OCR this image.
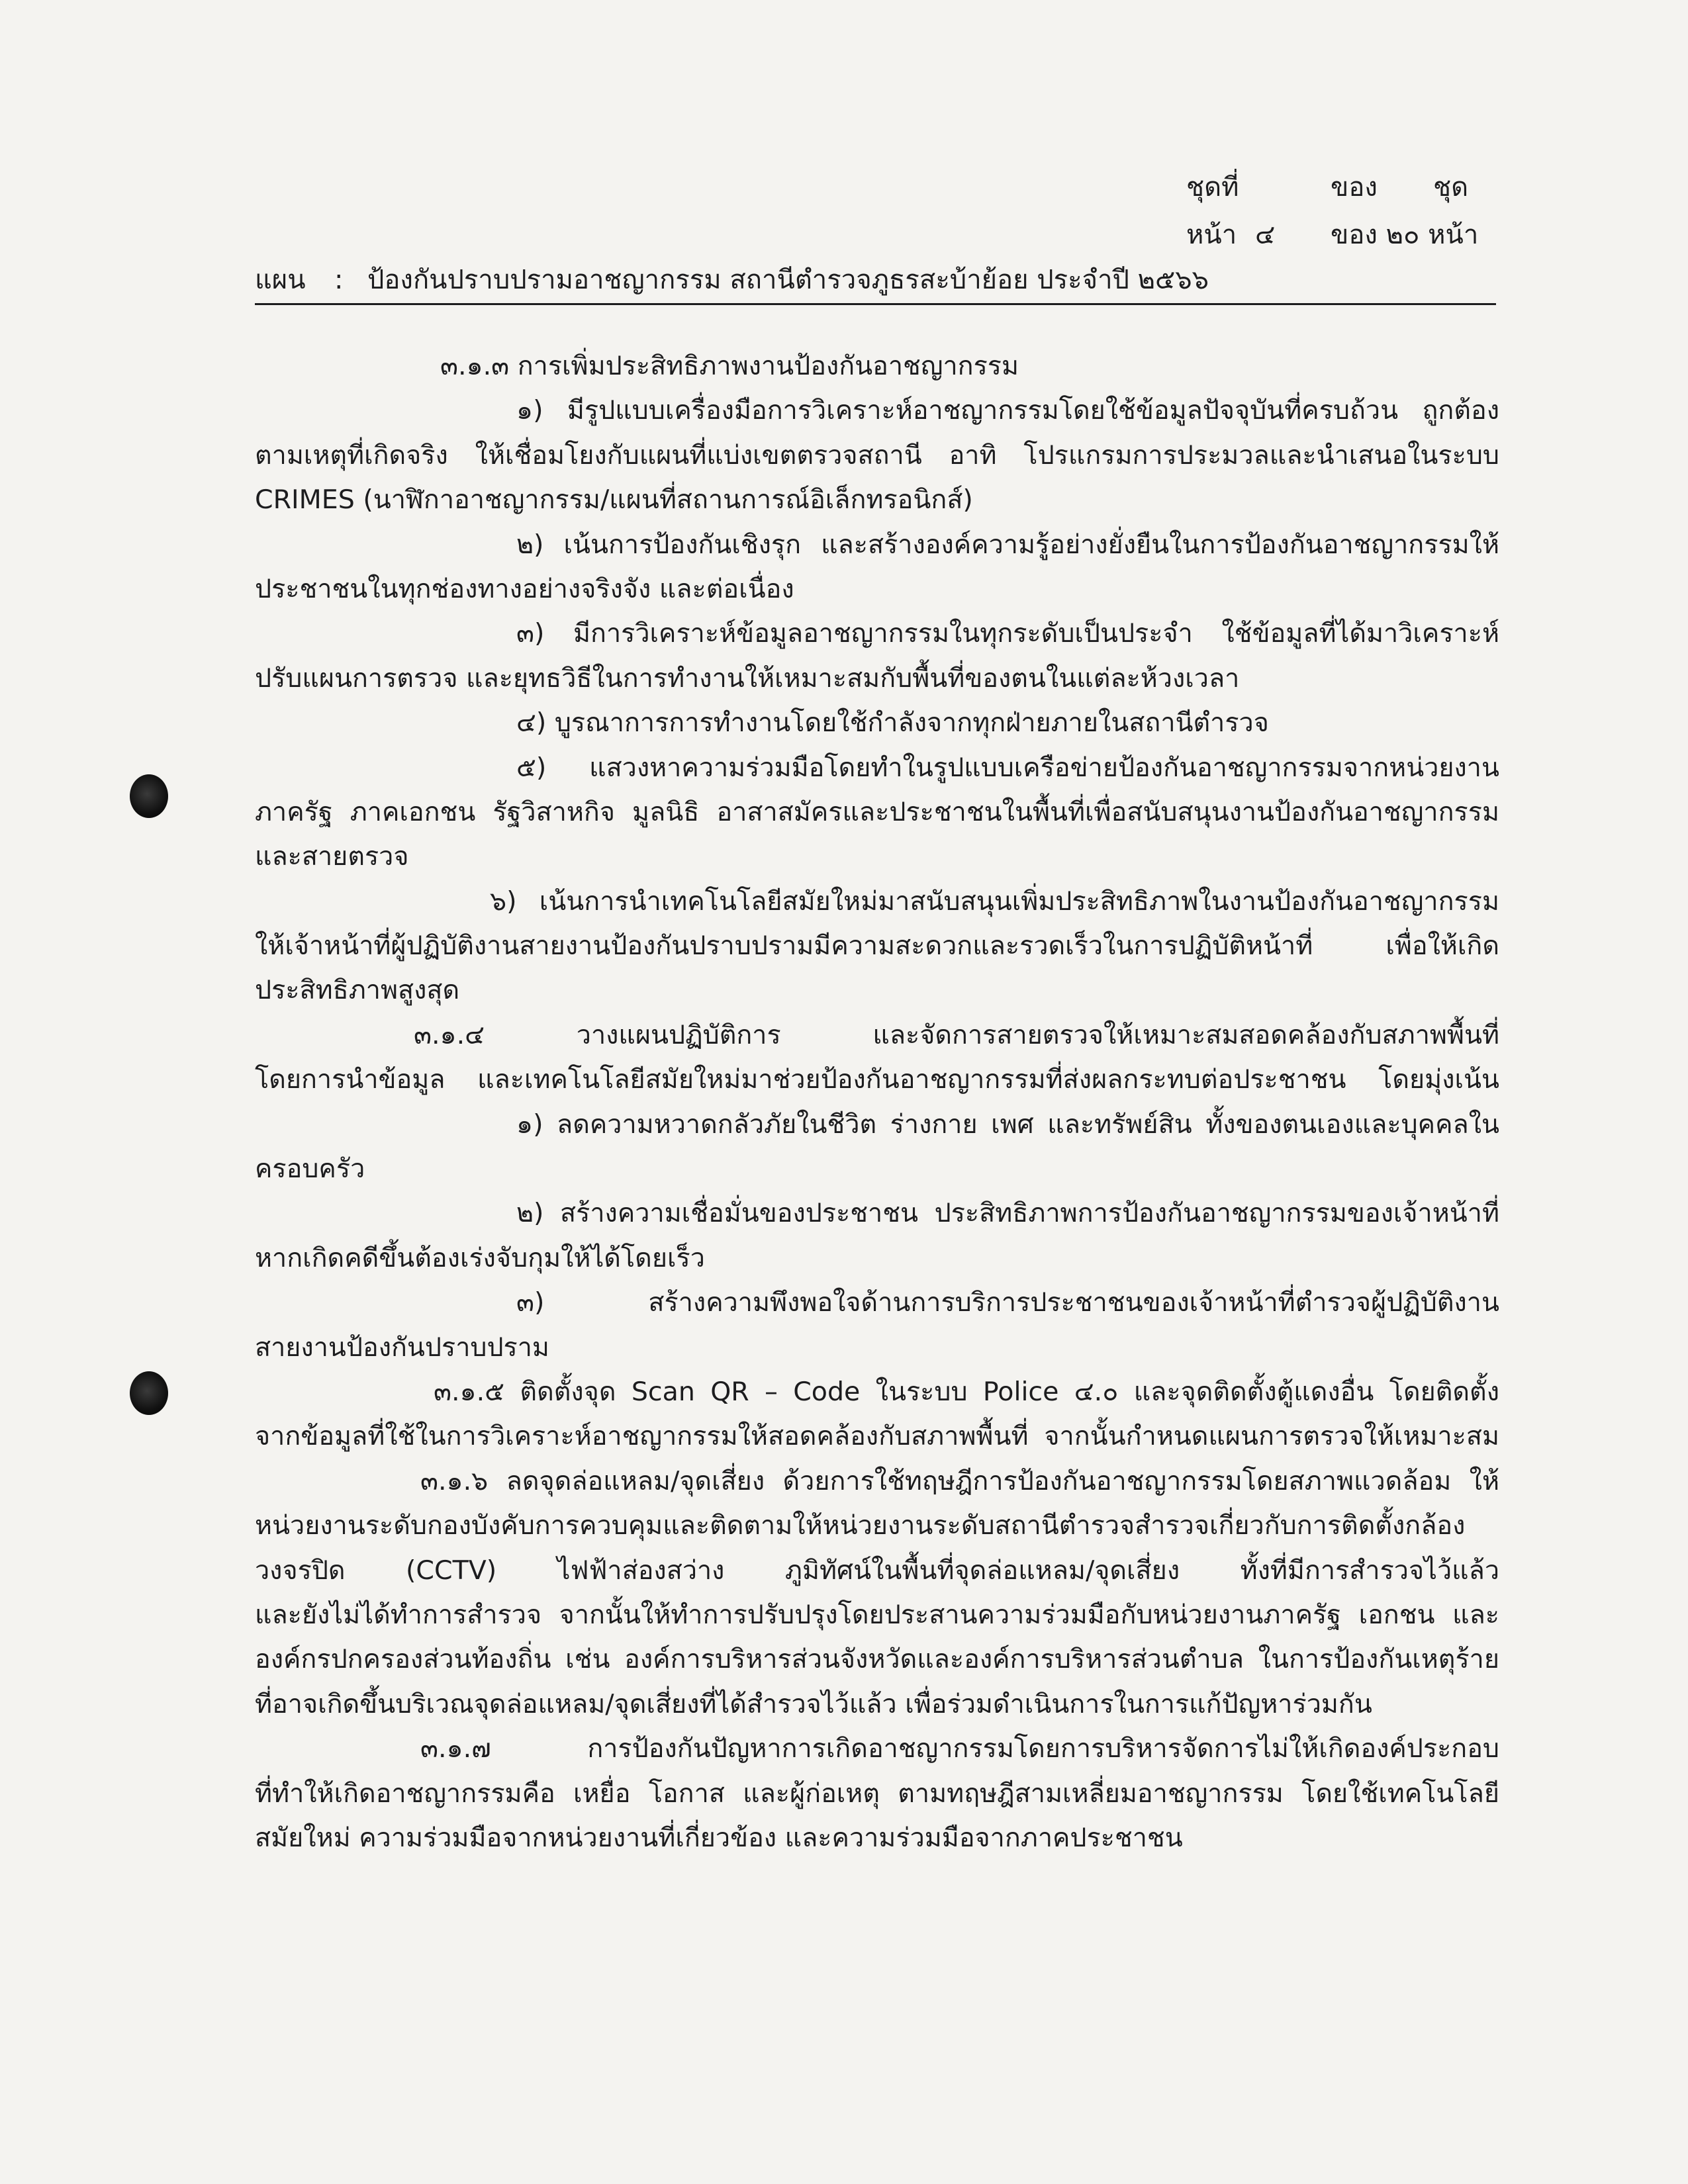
ชุดที่	ของ ชุด
หน้า ๔ ของ ๒๐ หน้า
แผน : ป้องกันปราบปรามอาชญากรรม สถานีตำรวจภูธรสะบ้าย้อย ประจำปี ๒๕๖๖
๓.๑.๓ การเพิ่มประสิทธิภาพงานป้องกันอาชญากรรม
๑) มีรูปแบบเครื่องมือการวิเคราะห์อาชญากรรมโดยใช้ข้อมูลปัจจุบันที่ครบถ้วน ถูกต้อง
ตามเหตุที่เกิดจริง ให้เชื่อมโยงกับแผนที่แบ่งเขตตรวจสถานี อาทิ โปรแกรมการประมวลและนำเสนอในระบบ
CRIMES (นาฬิกาอาชญากรรม/แผนที่สถานการณ์อิเล็กทรอนิกส์)
๒) เน้นการป้องกันเชิงรุก และสร้างองค์ความรู้อย่างยั่งยืนในการป้องกันอาชญากรรมให้
ประชาชนในทุกช่องทางอย่างจริงจัง และต่อเนื่อง
๓) มีการวิเคราะห์ข้อมูลอาชญากรรมในทุกระดับเป็นประจำ ใช้ข้อมูลที่ได้มาวิเคราะห์
ปรับแผนการตรวจ และยุทธวิธีในการทำงานให้เหมาะสมกับพื้นที่ของตนในแต่ละห้วงเวลา
๔) บูรณาการการทำงานโดยใช้กำลังจากทุกฝ่ายภายในสถานีตำรวจ
๕) แสวงหาความร่วมมือโดยทำในรูปแบบเครือข่ายป้องกันอาชญากรรมจากหน่วยงาน
ภาครัฐ ภาคเอกชน รัฐวิสาหกิจ มูลนิธิ อาสาสมัครและประชาชนในพื้นที่เพื่อสนับสนุนงานป้องกันอาชญากรรม
และสายตรวจ
๖) เน้นการนำเทคโนโลยีสมัยใหม่มาสนับสนุนเพิ่มประสิทธิภาพในงานป้องกันอาชญากรรม
ให้เจ้าหน้าที่ผู้ปฏิบัติงานสายงานป้องกันปราบปรามมีความสะดวกและรวดเร็วในการปฏิบัติหน้าที่ เพื่อให้เกิด
ประสิทธิภาพสูงสุด
๓.๑.๔ วางแผนปฏิบัติการ และจัดการสายตรวจให้เหมาะสมสอดคล้องกับสภาพพื้นที่
โดยการนำข้อมูล และเทคโนโลยีสมัยใหม่มาช่วยป้องกันอาชญากรรมที่ส่งผลกระทบต่อประชาชน โดยมุ่งเน้น
๑) ลดความหวาดกลัวภัยในชีวิต ร่างกาย เพศ และทรัพย์สิน ทั้งของตนเองและบุคคลใน
ครอบครัว
๒) สร้างความเชื่อมั่นของประชาชน ประสิทธิภาพการป้องกันอาชญากรรมของเจ้าหน้าที่
หากเกิดคดีขึ้นต้องเร่งจับกุมให้ได้โดยเร็ว
๓) สร้างความพึงพอใจด้านการบริการประชาชนของเจ้าหน้าที่ตำรวจผู้ปฏิบัติงาน
สายงานป้องกันปราบปราม
๓.๑.๕ ติดตั้งจุด Scan QR – Code ในระบบ Police ๔.๐ และจุดติดตั้งตู้แดงอื่น โดยติดตั้ง
จากข้อมูลที่ใช้ในการวิเคราะห์อาชญากรรมให้สอดคล้องกับสภาพพื้นที่ จากนั้นกำหนดแผนการตรวจให้เหมาะสม
๓.๑.๖ ลดจุดล่อแหลม/จุดเสี่ยง ด้วยการใช้ทฤษฎีการป้องกันอาชญากรรมโดยสภาพแวดล้อม ให้
หน่วยงานระดับกองบังคับการควบคุมและติดตามให้หน่วยงานระดับสถานีตำรวจสำรวจเกี่ยวกับการติดตั้งกล้อง
วงจรปิด (CCTV) ไฟฟ้าส่องสว่าง ภูมิทัศน์ในพื้นที่จุดล่อแหลม/จุดเสี่ยง ทั้งที่มีการสำรวจไว้แล้ว
และยังไม่ได้ทำการสำรวจ จากนั้นให้ทำการปรับปรุงโดยประสานความร่วมมือกับหน่วยงานภาครัฐ เอกชน และ
องค์กรปกครองส่วนท้องถิ่น เช่น องค์การบริหารส่วนจังหวัดและองค์การบริหารส่วนตำบล ในการป้องกันเหตุร้าย
ที่อาจเกิดขึ้นบริเวณจุดล่อแหลม/จุดเสี่ยงที่ได้สำรวจไว้แล้ว เพื่อร่วมดำเนินการในการแก้ปัญหาร่วมกัน
๓.๑.๗ การป้องกันปัญหาการเกิดอาชญากรรมโดยการบริหารจัดการไม่ให้เกิดองค์ประกอบ
ที่ทำให้เกิดอาชญากรรมคือ เหยื่อ โอกาส และผู้ก่อเหตุ ตามทฤษฎีสามเหลี่ยมอาชญากรรม โดยใช้เทคโนโลยี
สมัยใหม่ ความร่วมมือจากหน่วยงานที่เกี่ยวข้อง และความร่วมมือจากภาคประชาชน
